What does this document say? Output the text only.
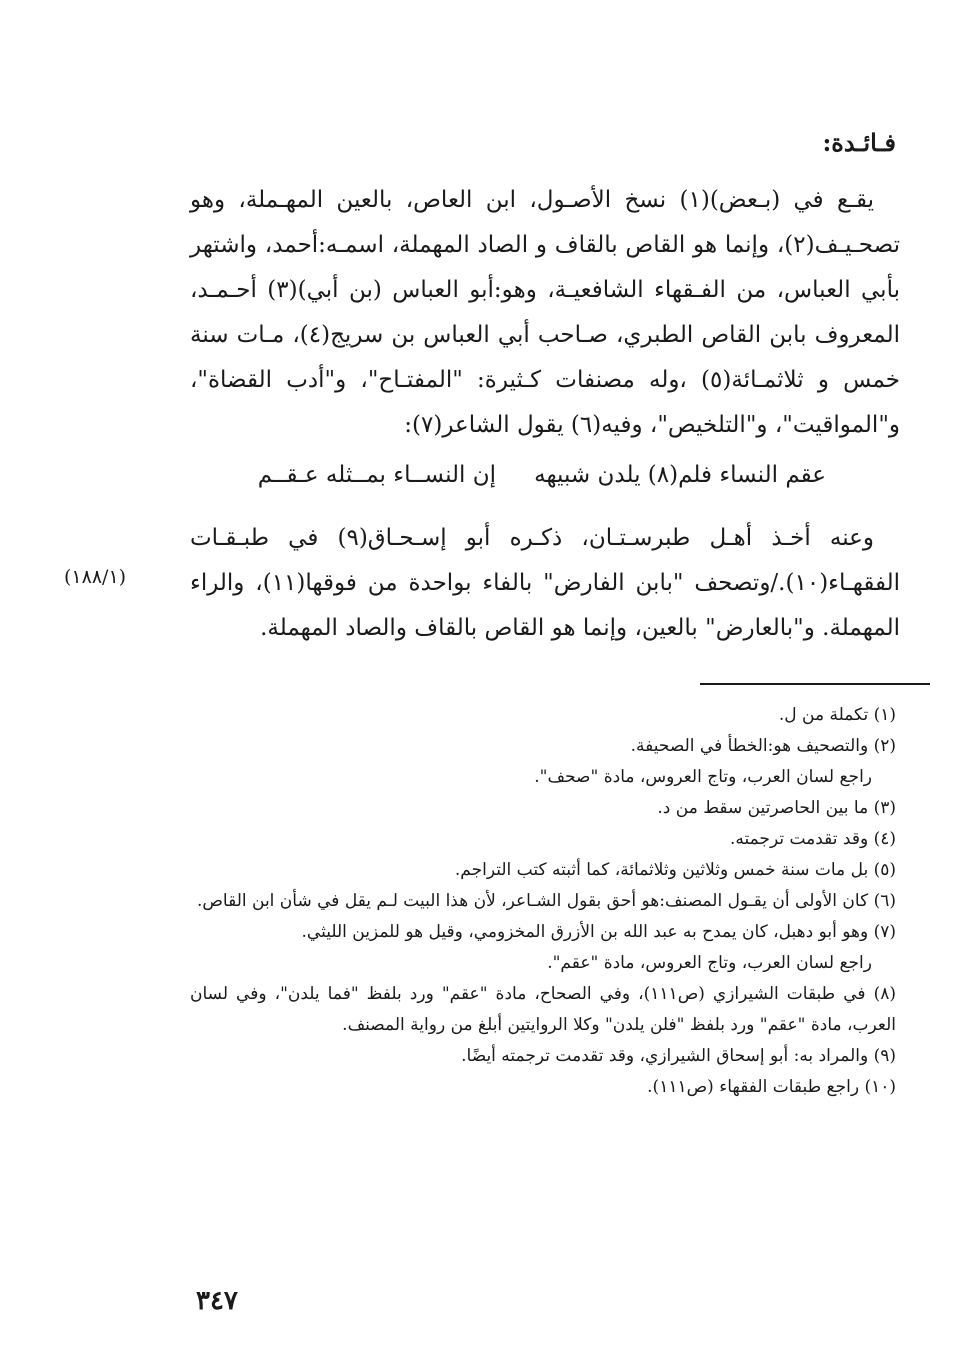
فـائـدة:

يقـع في (بـعض)(١) نسخ الأصـول، ابن العاص، بالعين المهـملة، وهو تصحـيـف(٢)، وإنما هو القاص بالقاف و الصاد المهملة، اسمـه:أحمد، واشتهر بأبي العباس، من الفـقهاء الشافعيـة، وهو:أبو العباس (بن أبي)(٣) أحـمـد، المعروف بابن القاص الطبري، صـاحب أبي العباس بن سريج(٤)، مـات سنة خمس و ثلاثمـائة(٥) ،وله مصنفات كـثيرة: "المفتـاح"، و"أدب القضاة"، و"المواقيت"، و"التلخيص"، وفيه(٦) يقول الشاعر(٧):

عقم النساء فلم(٨) يلدن شبيهه
إن النســاء بمــثله عـقــم

وعنه أخـذ أهـل طبرسـتـان، ذكـره أبو إسـحـاق(٩) في طبـقـات الفقهـاء(١٠)./وتصحف "بابن الفارض" بالفاء بواحدة من فوقها(١١)، والراء المهملة. و"بالعارض" بالعين، وإنما هو القاص بالقاف والصاد المهملة.

(١٨٨/١)

(١) تكملة من ل.

(٢) والتصحيف هو:الخطأ في الصحيفة.

راجع لسان العرب، وتاج العروس، مادة "صحف".

(٣) ما بين الحاصرتين سقط من د.

(٤) وقد تقدمت ترجمته.

(٥) بل مات سنة خمس وثلاثين وثلاثمائة، كما أثبته كتب التراجم.

(٦) كان الأولى أن يقـول المصنف:هو أحق بقول الشـاعر، لأن هذا البيت لـم يقل في شأن ابن القاص.

(٧) وهو أبو دهبل، كان يمدح به عبد الله بن الأزرق المخزومي، وقيل هو للمزين الليثي.

راجع لسان العرب، وتاج العروس، مادة "عقم".

(٨) في طبقات الشيرازي (ص١١١)، وفي الصحاح، مادة "عقم" ورد بلفظ "فما يلدن"، وفي لسان العرب، مادة "عقم" ورد بلفظ "فلن يلدن" وكلا الروايتين أبلغ من رواية المصنف.

(٩) والمراد به: أبو إسحاق الشيرازي، وقد تقدمت ترجمته أيضًا.

(١٠) راجع طبقات الفقهاء (ص١١١).

٣٤٧
